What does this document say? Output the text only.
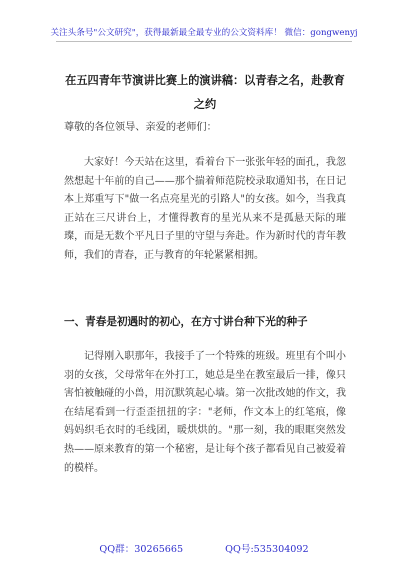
关注头条号"公文研究"，获得最新最全最专业的公文资料库！ 微信：gongwenyj
在五四青年节演讲比赛上的演讲稿：以青春之名，赴教育之约
尊敬的各位领导、亲爱的老师们：

大家好！今天站在这里，看着台下一张张年轻的面孔，我忽然想起十年前的自己——那个揣着师范院校录取通知书，在日记本上郑重写下"做一名点亮星光的引路人"的女孩。如今，当我真正站在三尺讲台上，才懂得教育的星光从来不是孤悬天际的璀璨，而是无数个平凡日子里的守望与奔赴。作为新时代的青年教师，我们的青春，正与教育的年轮紧紧相拥。

一、青春是初遇时的初心，在方寸讲台种下光的种子

记得刚入职那年，我接手了一个特殊的班级。班里有个叫小羽的女孩，父母常年在外打工，她总是坐在教室最后一排，像只害怕被触碰的小兽，用沉默筑起心墙。第一次批改她的作文，我在结尾看到一行歪歪扭扭的字："老师，作文本上的红笔痕，像妈妈织毛衣时的毛线团，暖烘烘的。"那一刻，我的眼眶突然发热——原来教育的第一个秘密，是让每个孩子都看见自己被爱着的模样。

QQ群：30265665	QQ号:535304092
